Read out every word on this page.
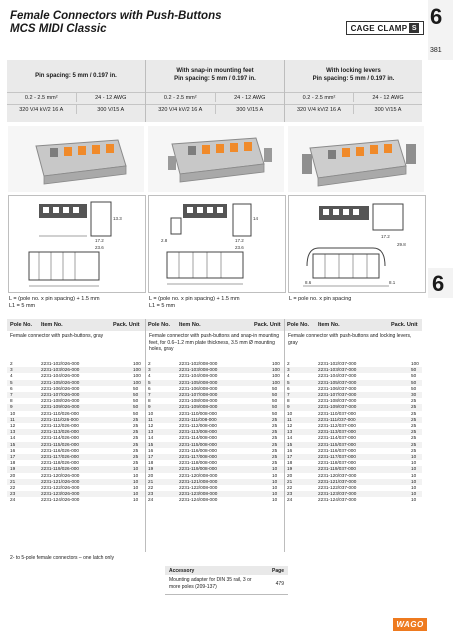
Female Connectors with Push-Buttons
MCS MIDI Classic	CAGE CLAMP S 6
381
6
Pin spacing: 5 mm / 0.197 in.
0.2 - 2.5 mm²	24 - 12 AWG
320 V/4 kV/2 16 A	300 V/15 A
With snap-in mounting feet
Pin spacing: 5 mm / 0.197 in.
0.2 - 2.5 mm²	24 - 12 AWG
320 V/4 kV/2 16 A	300 V/15 A
With locking levers
Pin spacing: 5 mm / 0.197 in.
0.2 - 2.5 mm²	24 - 12 AWG
320 V/4 kV/2 16 A	300 V/15 A
17.2
23.6
13.3
2.8	17.2
23.6
14
17.2
29.8
8.6	8.1
L = (pole no. x pin spacing) + 1.5 mm
L1 = 5 mm
L = (pole no. x pin spacing) + 1.5 mm
L1 = 5 mm
L = pole no. x pin spacing
Pole No. Item No.	Pack. Unit Pole No. Item No.	Pack. Unit Pole No. Item No.	Pack. Unit
Female connector with push-buttons, gray	Female connector with push-buttons and snap-in mounting feet, for 0.6–1.2 mm plate thickness, 3.5 mm Ø mounting holes, gray
Female connector with push-buttons and locking levers, gray
2	2231-102/026-000	100 2	2231-102/008-000	100 2	2231-102/037-000	100
3	2231-103/026-000	100 3	2231-103/008-000	100 3	2231-103/037-000	50
4	2231-104/026-000	100 4	2231-104/008-000	100 4	2231-104/037-000	50
5	2231-105/026-000	100 5	2231-105/008-000	100 5	2231-105/037-000	50
6	2231-106/026-000	50 6	2231-106/008-000	50 6	2231-106/037-000	50
7	2231-107/026-000	50 7	2231-107/008-000	50 7	2231-107/037-000	30
8	2231-108/026-000	50 8	2231-108/008-000	50 8	2231-108/037-000	25
9	2231-109/026-000	50 9	2231-109/008-000	50 9	2231-109/037-000	25
10	2231-110/026-000	50 10	2231-110/008-000	50 10	2231-110/037-000	25
11	2231-111/026-000	25 11	2231-111/008-000	25 11	2231-111/037-000	25
12	2231-112/026-000	25 12	2231-112/008-000	25 12	2231-112/037-000	25
13	2231-113/026-000	25 13	2231-113/008-000	25 13	2231-113/037-000	25
14	2231-114/026-000	25 14	2231-114/008-000	25 14	2231-114/037-000	25
15	2231-115/026-000	25 15	2231-115/008-000	25 15	2231-115/037-000	25
16	2231-116/026-000	25 16	2231-116/008-000	25 16	2231-116/037-000	25
17	2231-117/026-000	25 17	2231-117/008-000	25 17	2231-117/037-000	10
18	2231-118/026-000	25 18	2231-118/008-000	25 18	2231-118/037-000	10
19	2231-119/026-000	10 19	2231-119/008-000	10 19	2231-119/037-000	10
20	2231-120/026-000	10 20	2231-120/008-000	10 20	2231-120/037-000	10
21	2231-121/026-000	10 21	2231-121/008-000	10 21	2231-121/037-000	10
22	2231-122/026-000	10 22	2231-122/008-000	10 22	2231-122/037-000	10
23	2231-123/026-000	10 23	2231-123/008-000	10 23	2231-123/037-000	10
24	2231-124/026-000	10 24	2231-124/008-000	10 24	2231-124/037-000	10
2- to 5-pole female connectors – one latch only
Accessory	Page
Mounting adapter for DIN 35 rail, 3 or more poles (209-137)	479
WAGO
